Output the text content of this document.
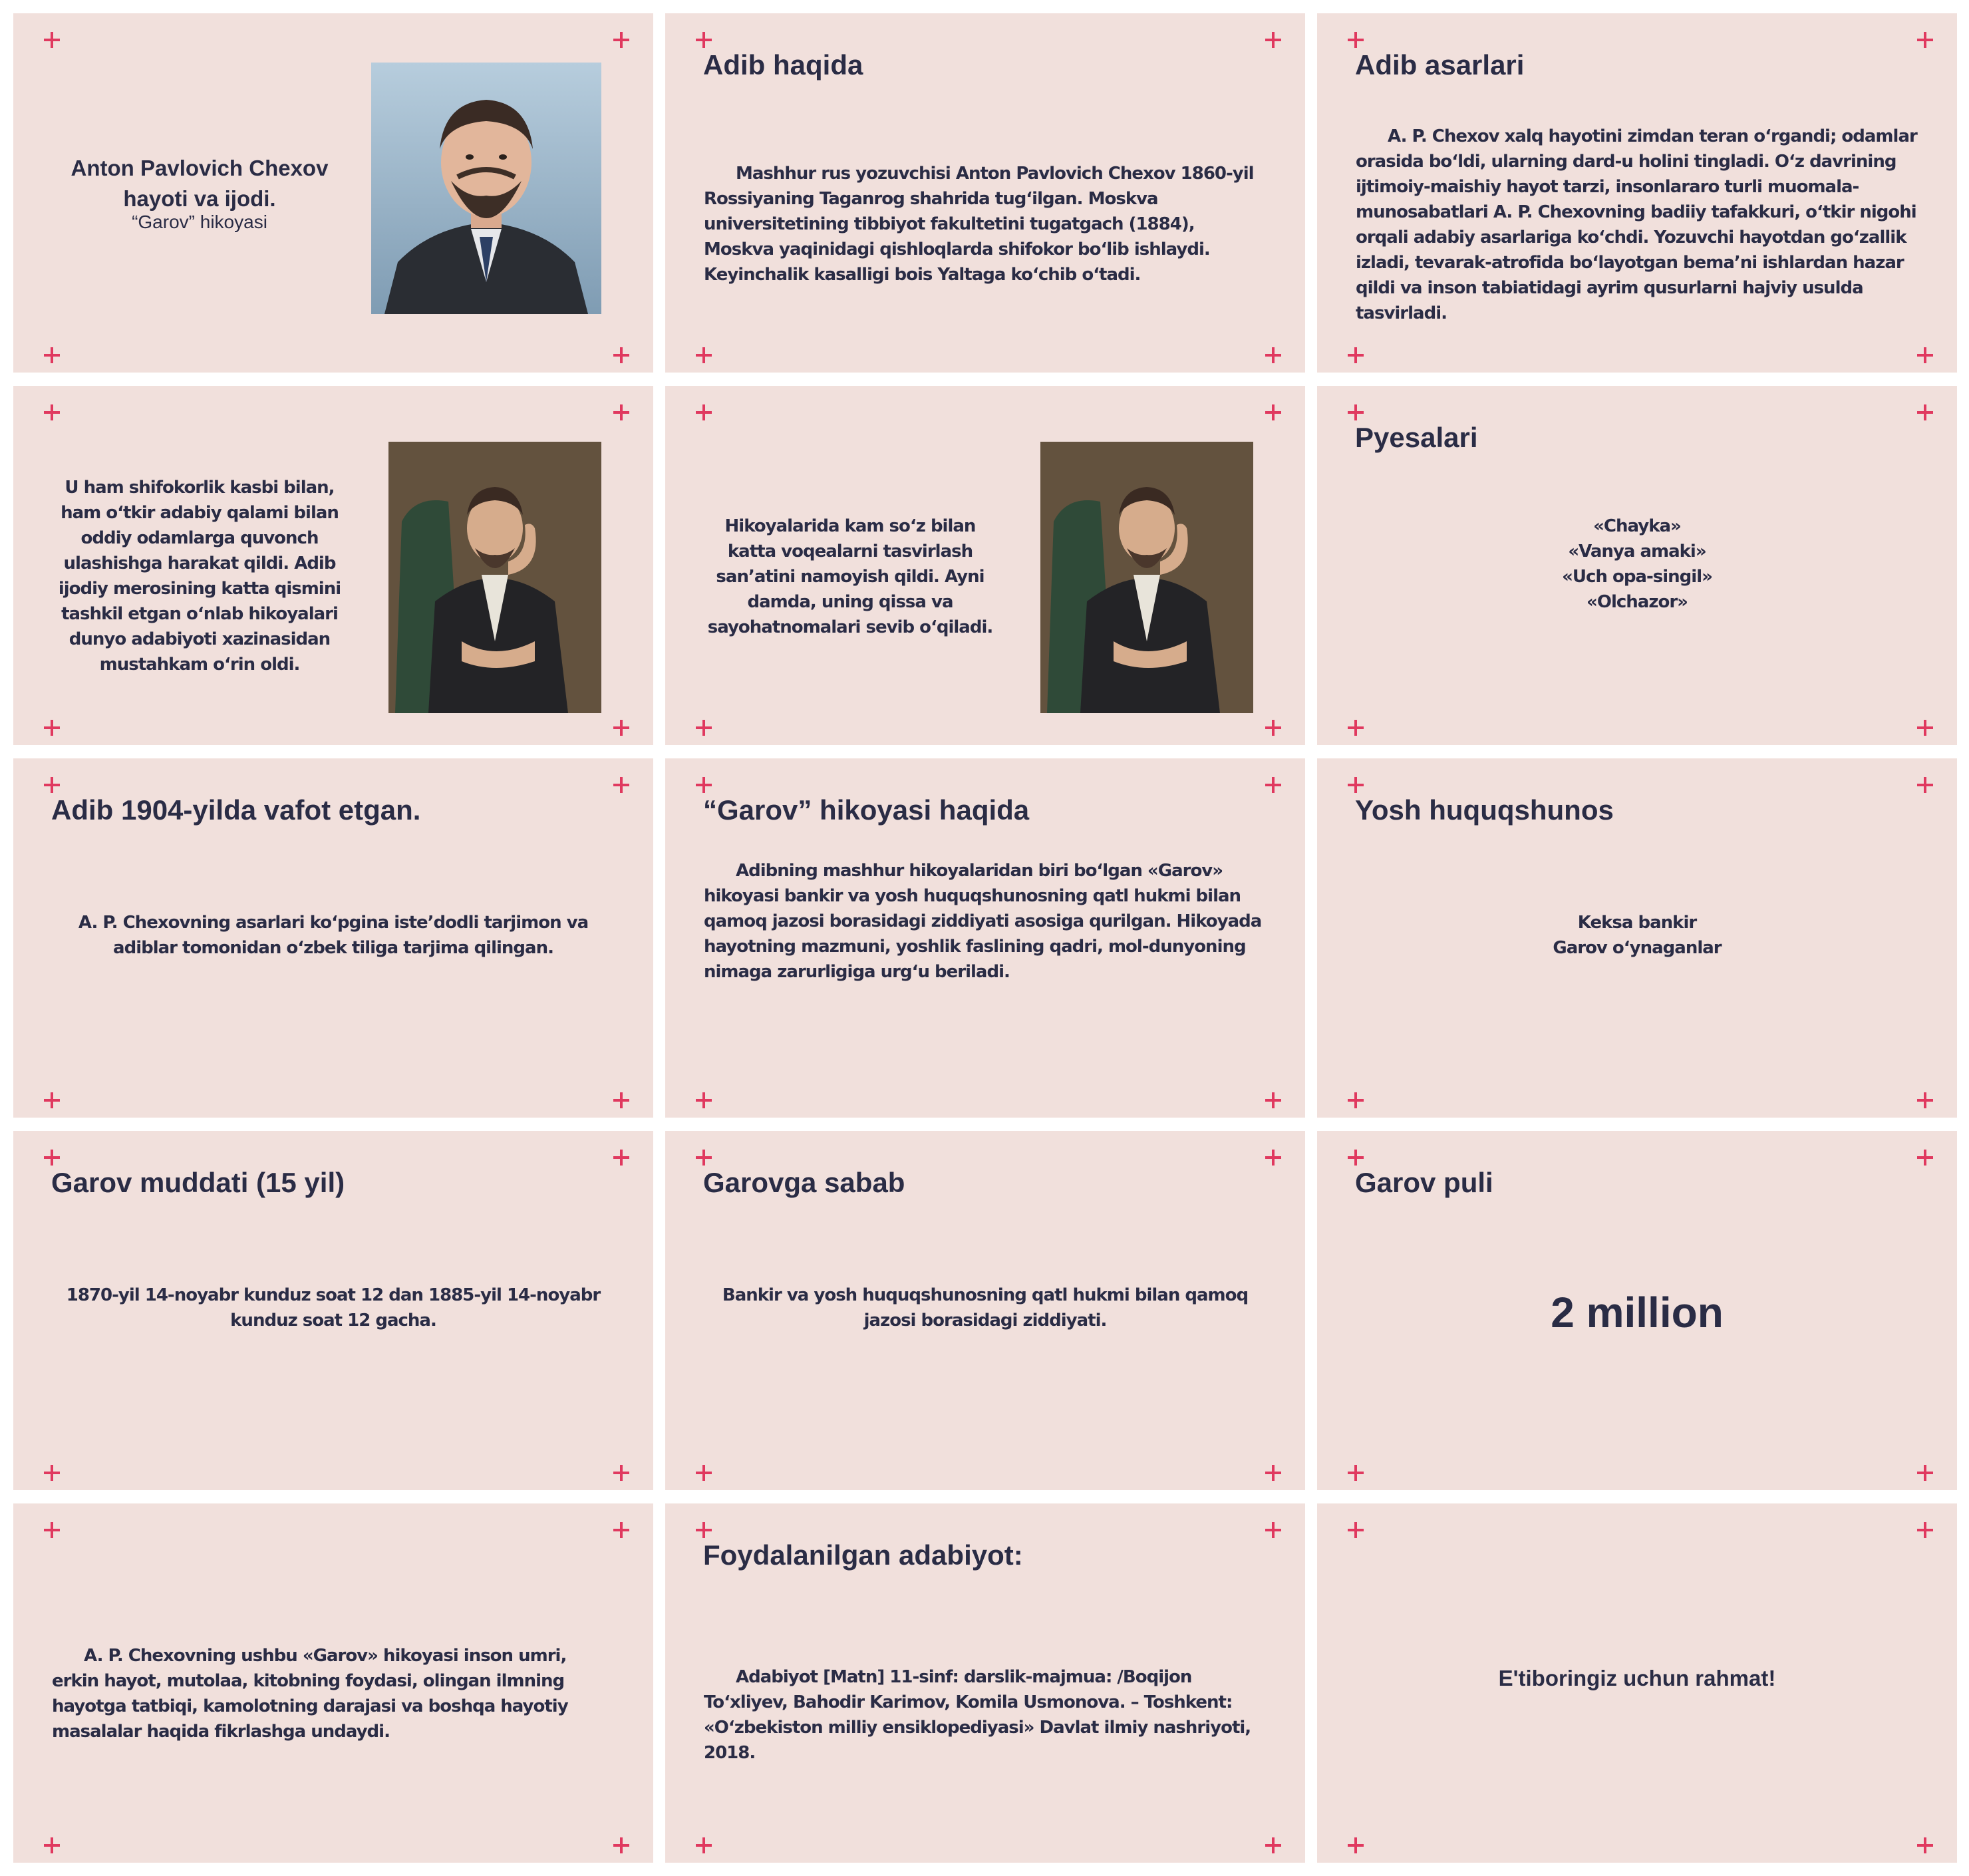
Anton Pavlovich Chexov hayoti va ijodi.

“Garov” hikoyasi

Adib haqida

Mashhur rus yozuvchisi Anton Pavlovich Chexov 1860-yil Rossiyaning Taganrog shahrida tug‘ilgan. Moskva universitetining tibbiyot fakultetini tugatgach (1884), Moskva yaqinidagi qishloqlarda shifokor bo‘lib ishlaydi. Keyinchalik kasalligi bois Yaltaga ko‘chib o‘tadi.

Adib asarlari

A. P. Chexov xalq hayotini zimdan teran o‘rgandi; odamlar orasida bo‘ldi, ularning dard-u holini tingladi. O‘z davrining ijtimoiy-maishiy hayot tarzi, insonlararo turli muomala- munosabatlari A. P. Chexovning badiiy tafakkuri, o‘tkir nigohi orqali adabiy asarlariga ko‘chdi. Yozuvchi hayotdan go‘zallik izladi, tevarak-atrofida bo‘layotgan bema’ni ishlardan hazar qildi va inson tabiatidagi ayrim qusurlarni hajviy usulda tasvirladi.

U ham shifokorlik kasbi bilan, ham o‘tkir adabiy qalami bilan oddiy odamlarga quvonch ulashishga harakat qildi. Adib ijodiy merosining katta qismini tashkil etgan o‘nlab hikoyalari dunyo adabiyoti xazinasidan mustahkam o‘rin oldi.

Hikoyalarida kam so‘z bilan katta voqealarni tasvirlash san’atini namoyish qildi. Ayni damda, uning qissa va sayohatnomalari sevib o‘qiladi.

Pyesalari
«Chayka»
«Vanya amaki»
«Uch opa-singil»
«Olchazor»
Adib 1904-yilda vafot etgan.

A. P. Chexovning asarlari ko‘pgina iste’dodli tarjimon va adiblar tomonidan o‘zbek tiliga tarjima qilingan.

“Garov” hikoyasi haqida

Adibning mashhur hikoyalaridan biri bo‘lgan «Garov» hikoyasi bankir va yosh huquqshunosning qatl hukmi bilan qamoq jazosi borasidagi ziddiyati asosiga qurilgan. Hikoyada hayotning mazmuni, yoshlik faslining qadri, mol-dunyoning nimaga zarurligiga urg‘u beriladi.

Yosh huquqshunos
Keksa bankir
Garov o‘ynaganlar
Garov muddati (15 yil)

1870-yil 14-noyabr kunduz soat 12 dan 1885-yil 14-noyabr kunduz soat 12 gacha.

Garovga sabab

Bankir va yosh huquqshunosning qatl hukmi bilan qamoq jazosi borasidagi ziddiyati.

Garov puli

2 million

A. P. Chexovning ushbu «Garov» hikoyasi inson umri, erkin hayot, mutolaa, kitobning foydasi, olingan ilmning hayotga tatbiqi, kamolotning darajasi va boshqa hayotiy masalalar haqida fikrlashga undaydi.

Foydalanilgan adabiyot:

Adabiyot [Matn] 11-sinf: darslik-majmua: /Boqijon To‘xliyev, Bahodir Karimov, Komila Usmonova. – Toshkent: «O‘zbekiston milliy ensiklopediyasi» Davlat ilmiy nashriyoti, 2018.

E'tiboringiz uchun rahmat!
